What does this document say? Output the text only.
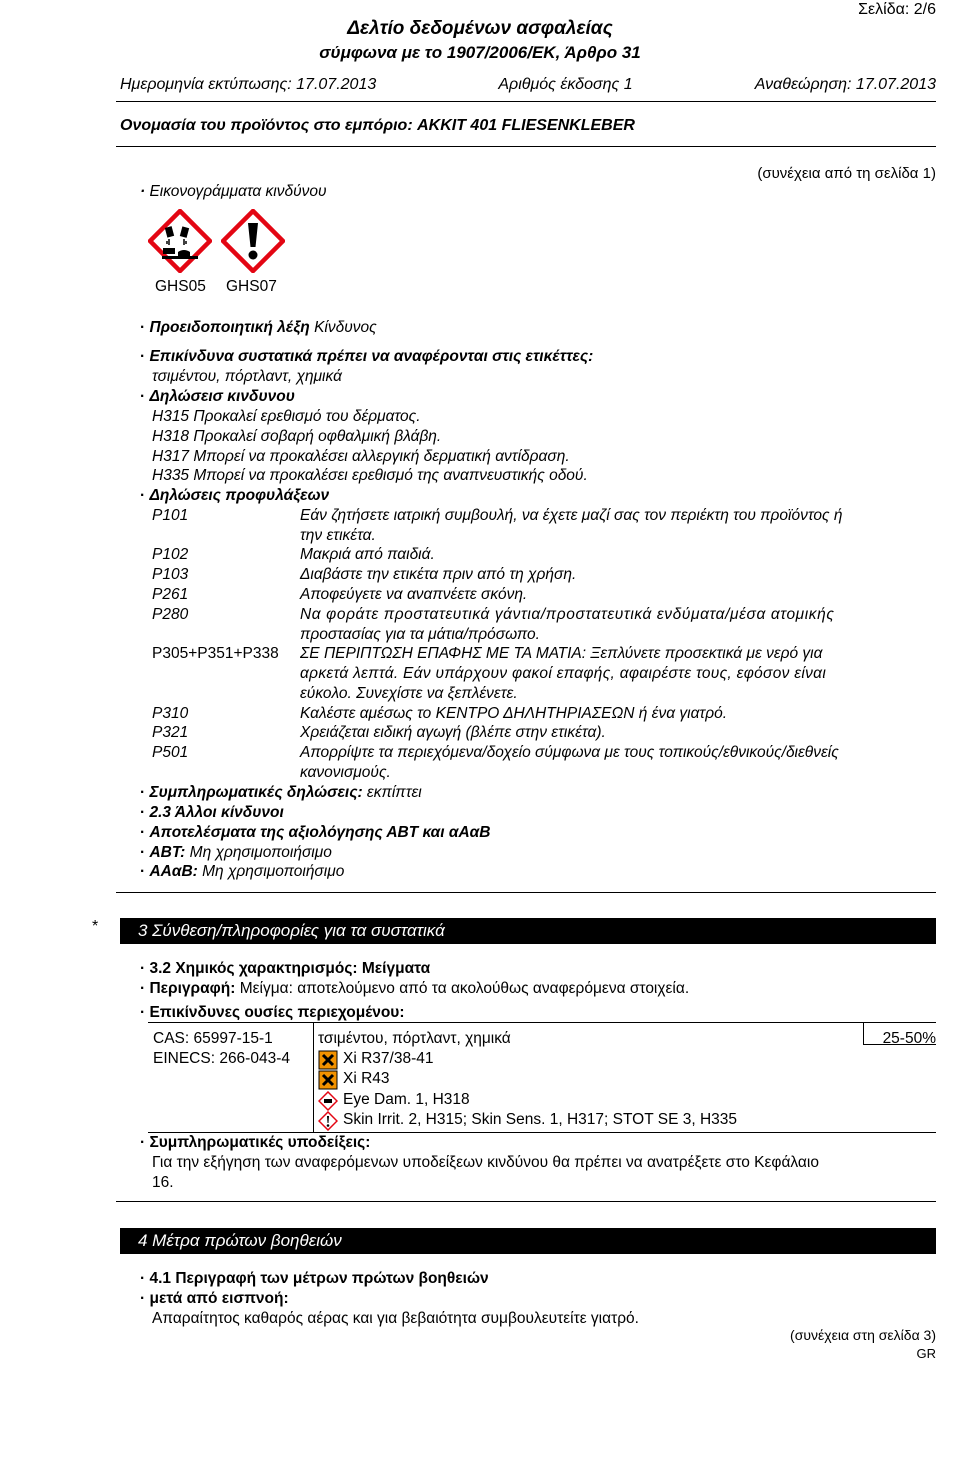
Σελίδα: 2/6
Δελτίο δεδομένων ασφαλείας
σύμφωνα με το 1907/2006/ΕΚ, Άρθρο 31
Ημερομηνία εκτύπωσης: 17.07.2013	Αριθμός έκδοσης 1	Αναθεώρηση: 17.07.2013
Ονομασία του προϊόντος στο εμπόριο: AKKIT 401 FLIESENKLEBER
(συνέχεια από τη σελίδα 1)
· Εικονογράμματα κινδύνου
GHS05 GHS07
· Προειδοποιητική λέξη Κίνδυνος
· Επικίνδυνα συστατικά πρέπει να αναφέρονται στις ετικέττες:
τσιμέντου, πόρτλαντ, χημικά
· Δηλώσεισ κινδυνου
H315 Προκαλεί ερεθισμό του δέρματος.
H318 Προκαλεί σοβαρή οφθαλμική βλάβη.
H317 Μπορεί να προκαλέσει αλλεργική δερματική αντίδραση.
H335 Μπορεί να προκαλέσει ερεθισμό της αναπνευστικής οδού.
· Δηλώσεις προφυλάξεων
P101	Εάν ζητήσετε ιατρική συμβουλή, να έχετε μαζί σας τον περιέκτη του προϊόντος ή
την ετικέτα.
P102	Μακριά από παιδιά.
P103	Διαβάστε την ετικέτα πριν από τη χρήση.
P261	Αποφεύγετε να αναπνέετε σκόνη.
P280	Να φοράτε προστατευτικά γάντια/προστατευτικά ενδύματα/μέσα ατομικής
προστασίας για τα μάτια/πρόσωπο.
P305+P351+P338 ΣΕ ΠΕΡΙΠΤΩΣΗ ΕΠΑΦΗΣ ΜΕ ΤΑ ΜΑΤΙΑ: Ξεπλύνετε προσεκτικά με νερό για
αρκετά λεπτά. Εάν υπάρχουν φακοί επαφής, αφαιρέστε τους, εφόσον είναι
εύκολο. Συνεχίστε να ξεπλένετε.
P310	Καλέστε αμέσως το ΚΕΝΤΡΟ ΔΗΛΗΤΗΡΙΑΣΕΩΝ ή ένα γιατρό.
P321	Χρειάζεται ειδική αγωγή (βλέπε στην ετικέτα).
P501	Απορρίψτε τα περιεχόμενα/δοχείο σύμφωνα με τους τοπικούς/εθνικούς/διεθνείς
κανονισμούς.
· Συμπληρωματικές δηλώσεις: εκπίπτει
· 2.3 Άλλοι κίνδυνοι
· Αποτελέσματα της αξιολόγησης ΑΒΤ και αΑαΒ
· ΑΒΤ: Μη χρησιμοποιήσιμο
· ΑΑαΒ: Μη χρησιμοποιήσιμο
*	3 Σύνθεση/πληροφορίες για τα συστατικά
· 3.2 Χημικός χαρακτηρισμός: Μείγματα
· Περιγραφή: Μείγμα: αποτελούμενο από τα ακολούθως αναφερόμενα στοιχεία.
· Επικίνδυνες ουσίες περιεχομένου:
CAS: 65997-15-1
EINECS: 266-043-4
τσιμέντου, πόρτλαντ, χημικά	25-50%
Xi R37/38-41
Xi R43
Eye Dam. 1, H318
Skin Irrit. 2, H315; Skin Sens. 1, H317; STOT SE 3, H335
· Συμπληρωματικές υποδείξεις:
Για την εξήγηση των αναφερόμενων υποδείξεων κινδύνου θα πρέπει να ανατρέξετε στο Κεφάλαιο
16.
4 Μέτρα πρώτων βοηθειών
· 4.1 Περιγραφή των μέτρων πρώτων βοηθειών
· μετά από εισπνοή:
Απαραίτητος καθαρός αέρας και για βεβαιότητα συμβουλευτείτε γιατρό.
(συνέχεια στη σελίδα 3)
GR
